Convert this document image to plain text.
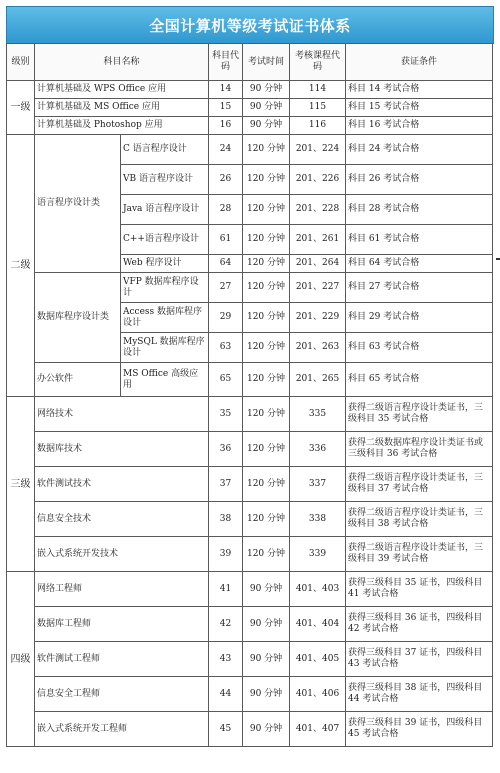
全国计算机等级考试证书体系
级别	科目名称		科目代码	考试时间	考核课程代码	获证条件
一级	计算机基础及 WPS Office 应用		14	90 分钟	114	科目 14 考试合格
	计算机基础及 MS Office 应用		15	90 分钟	115	科目 15 考试合格
	计算机基础及 Photoshop 应用		16	90 分钟	116	科目 16 考试合格
二级	语言程序设计类	C 语言程序设计	24	120 分钟	201、224	科目 24 考试合格
		VB 语言程序设计	26	120 分钟	201、226	科目 26 考试合格
		Java 语言程序设计	28	120 分钟	201、228	科目 28 考试合格
		C++语言程序设计	61	120 分钟	201、261	科目 61 考试合格
		Web 程序设计	64	120 分钟	201、264	科目 64 考试合格
	数据库程序设计类	VFP 数据库程序设计	27	120 分钟	201、227	科目 27 考试合格
		Access 数据库程序设计	29	120 分钟	201、229	科目 29 考试合格
		MySQL 数据库程序设计	63	120 分钟	201、263	科目 63 考试合格
	办公软件	MS Office 高级应用	65	120 分钟	201、265	科目 65 考试合格
三级	网络技术		35	120 分钟	335	获得二级语言程序设计类证书，三级科目 35 考试合格
	数据库技术		36	120 分钟	336	获得二级数据库程序设计类证书或三级科目 36 考试合格
	软件测试技术		37	120 分钟	337	获得二级语言程序设计类证书，三级科目 37 考试合格
	信息安全技术		38	120 分钟	338	获得二级语言程序设计类证书，三级科目 38 考试合格
	嵌入式系统开发技术		39	120 分钟	339	获得二级语言程序设计类证书，三级科目 39 考试合格
四级	网络工程师		41	90 分钟	401、403	获得三级科目 35 证书，四级科目 41 考试合格
	数据库工程师		42	90 分钟	401、404	获得三级科目 36 证书，四级科目 42 考试合格
	软件测试工程师		43	90 分钟	401、405	获得三级科目 37 证书，四级科目 43 考试合格
	信息安全工程师		44	90 分钟	401、406	获得三级科目 38 证书，四级科目 44 考试合格
	嵌入式系统开发工程师		45	90 分钟	401、407	获得三级科目 39 证书，四级科目 45 考试合格
